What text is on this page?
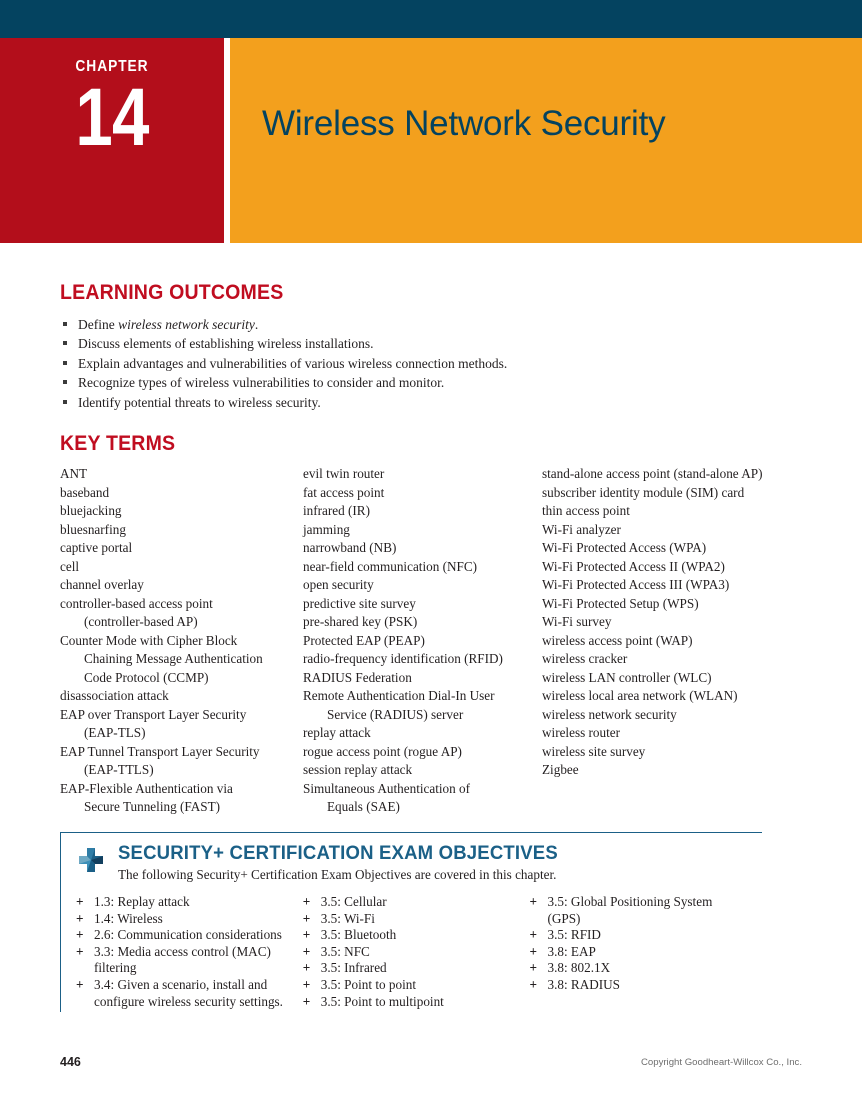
CHAPTER
14	Wireless Network Security
LEARNING OUTCOMES
Define wireless network security.
Discuss elements of establishing wireless installations.
Explain advantages and vulnerabilities of various wireless connection methods.
Recognize types of wireless vulnerabilities to consider and monitor.
Identify potential threats to wireless security.
KEY TERMS
ANT
baseband
bluejacking
bluesnarfing
captive portal
cell
channel overlay
controller-based access point
(controller-based AP)
Counter Mode with Cipher Block
Chaining Message Authentication
Code Protocol (CCMP)
disassociation attack
EAP over Transport Layer Security
(EAP-TLS)
EAP Tunnel Transport Layer Security
(EAP-TTLS)
EAP-Flexible Authentication via
Secure Tunneling (FAST)
evil twin router
fat access point
infrared (IR)
jamming
narrowband (NB)
near-field communication (NFC)
open security
predictive site survey
pre-shared key (PSK)
Protected EAP (PEAP)
radio-frequency identification (RFID)
RADIUS Federation
Remote Authentication Dial-In User
Service (RADIUS) server
replay attack
rogue access point (rogue AP)
session replay attack
Simultaneous Authentication of
Equals (SAE)
stand-alone access point (stand-alone AP)
subscriber identity module (SIM) card
thin access point
Wi-Fi analyzer
Wi-Fi Protected Access (WPA)
Wi-Fi Protected Access II (WPA2)
Wi-Fi Protected Access III (WPA3)
Wi-Fi Protected Setup (WPS)
Wi-Fi survey
wireless access point (WAP)
wireless cracker
wireless LAN controller (WLC)
wireless local area network (WLAN)
wireless network security
wireless router
wireless site survey
Zigbee
SECURITY+ CERTIFICATION EXAM OBJECTIVES
The following Security+ Certification Exam Objectives are covered in this chapter.
+ 1.3: Replay attack
+ 1.4: Wireless
+ 2.6: Communication considerations
+ 3.3: Media access control (MAC)
filtering
+ 3.4: Given a scenario, install and
configure wireless security settings.
+ 3.5: Cellular
+ 3.5: Wi-Fi
+ 3.5: Bluetooth
+ 3.5: NFC
+ 3.5: Infrared
+ 3.5: Point to point
+ 3.5: Point to multipoint
+ 3.5: Global Positioning System
(GPS)
+ 3.5: RFID
+ 3.8: EAP
+ 3.8: 802.1X
+ 3.8: RADIUS
446	Copyright Goodheart-Willcox Co., Inc.
